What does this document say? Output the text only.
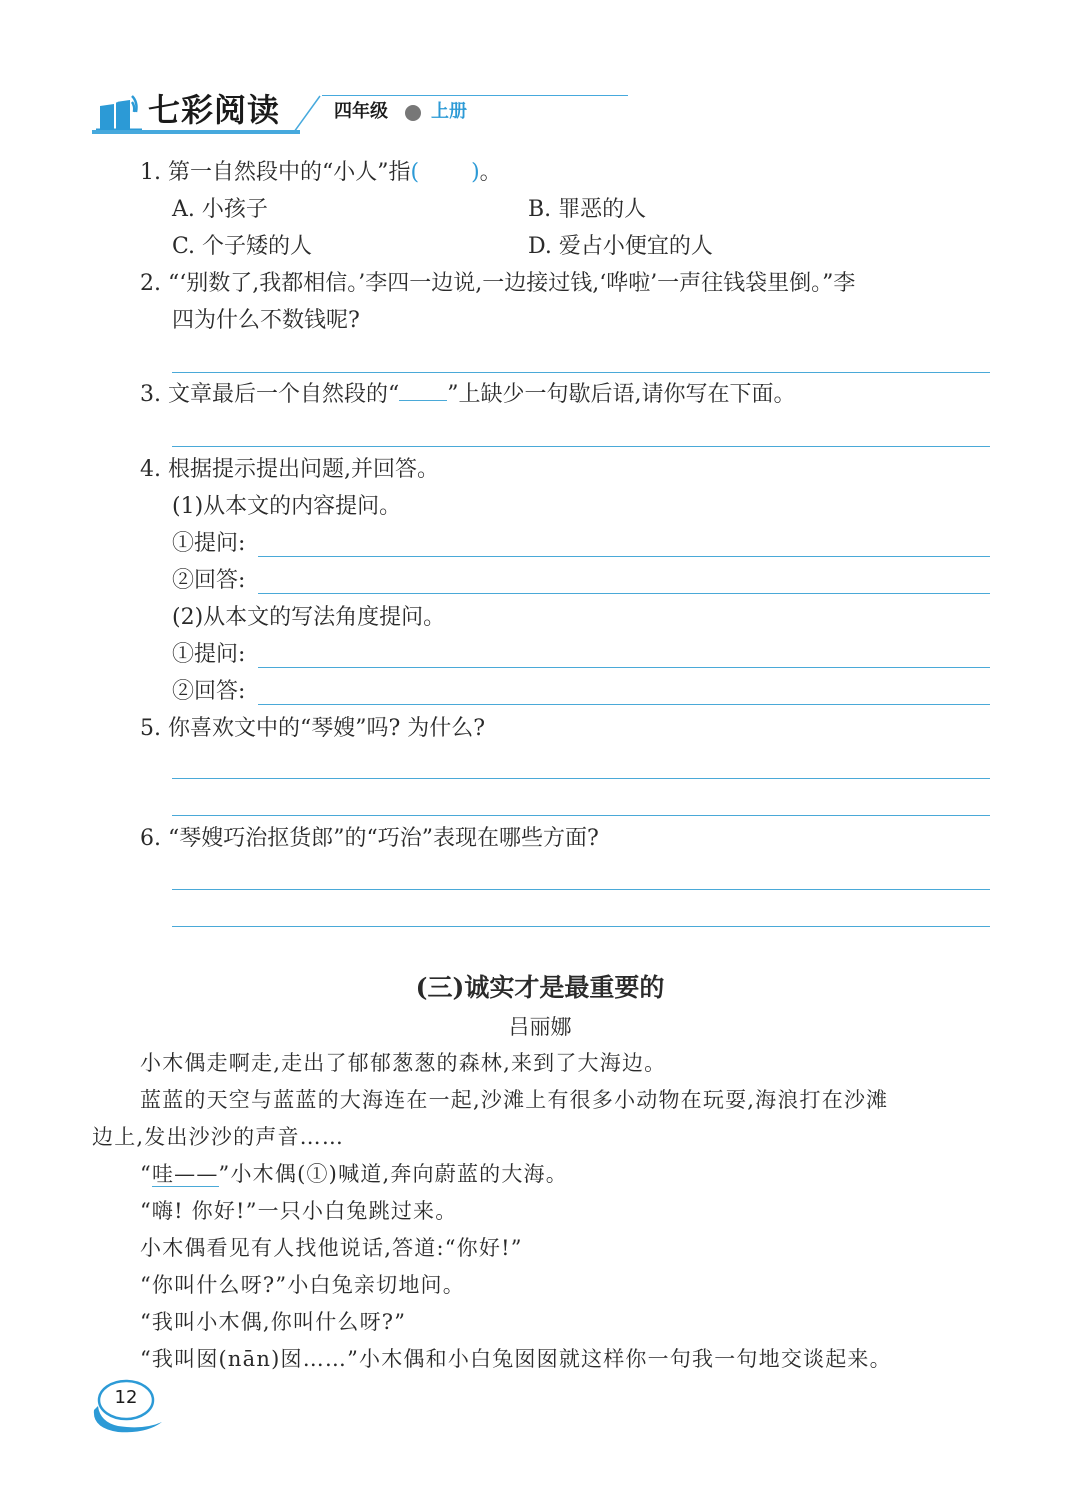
七彩阅读	四年级 上册
1. 第一自然段中的“小人”指( )。
A. 小孩子	B. 罪恶的人
C. 个子矮的人	D. 爱占小便宜的人
2. “‘别数了,我都相信。’李四一边说,一边接过钱,‘哗啦’一声往钱袋里倒。”李
四为什么不数钱呢?
3. 文章最后一个自然段的“ ”上缺少一句歇后语,请你写在下面。
4. 根据提示提出问题,并回答。
(1)从本文的内容提问。
①提问:
②回答:
(2)从本文的写法角度提问。
①提问:
②回答:
5. 你喜欢文中的“琴嫂”吗? 为什么?
6. “琴嫂巧治抠货郎”的“巧治”表现在哪些方面?
(三)诚实才是最重要的
吕丽娜
小木偶走啊走,走出了郁郁葱葱的森林,来到了大海边。
蓝蓝的天空与蓝蓝的大海连在一起,沙滩上有很多小动物在玩耍,海浪打在沙滩
边上,发出沙沙的声音……
“哇——”小木偶(①)喊道,奔向蔚蓝的大海。
“嗨! 你好!”一只小白兔跳过来。
小木偶看见有人找他说话,答道:“你好!”
“你叫什么呀?”小白兔亲切地问。
“我叫小木偶,你叫什么呀?”
“我叫囡(nān)囡……”小木偶和小白兔囡囡就这样你一句我一句地交谈起来。
12
